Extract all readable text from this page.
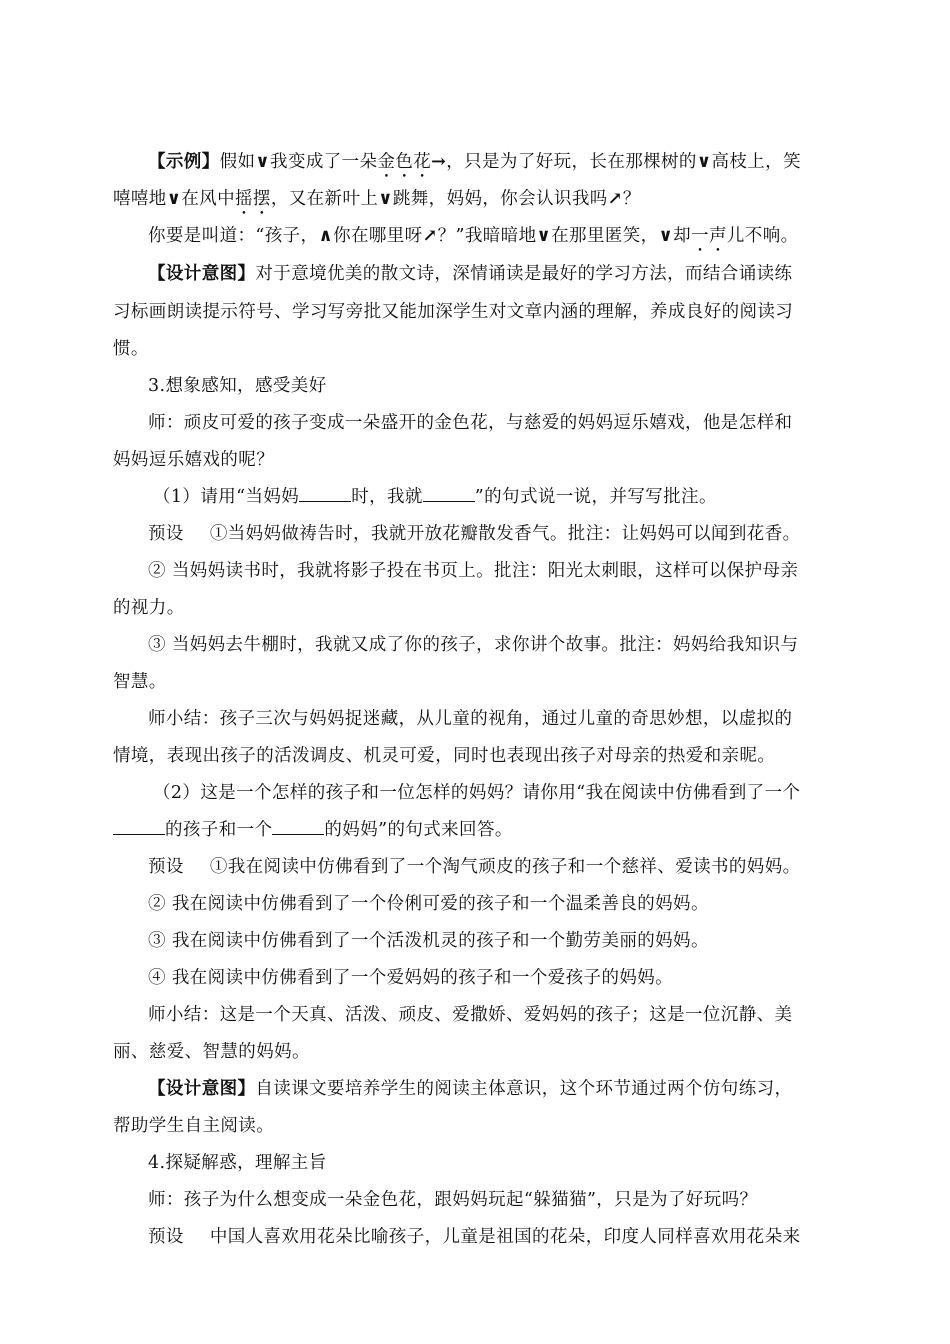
【示例】假如∨我变成了一朵金色花→，只是为了好玩，长在那棵树的∨高枝上，笑
嘻嘻地∨在风中摇摆，又在新叶上∨跳舞，妈妈，你会认识我吗↗？
你要是叫道：“孩子，∧你在哪里呀↗？”我暗暗地∨在那里匿笑，∨却一声儿不响。
【设计意图】对于意境优美的散文诗，深情诵读是最好的学习方法，而结合诵读练
习标画朗读提示符号、学习写旁批又能加深学生对文章内涵的理解，养成良好的阅读习
惯。
3.想象感知，感受美好
师：顽皮可爱的孩子变成一朵盛开的金色花，与慈爱的妈妈逗乐嬉戏，他是怎样和
妈妈逗乐嬉戏的呢？
（1）请用“当妈妈	时，我就	”的句式说一说，并写写批注。
预设 ①当妈妈做祷告时，我就开放花瓣散发香气。批注：让妈妈可以闻到花香。
② 当妈妈读书时，我就将影子投在书页上。批注：阳光太刺眼，这样可以保护母亲
的视力。
③ 当妈妈去牛棚时，我就又成了你的孩子，求你讲个故事。批注：妈妈给我知识与
智慧。
师小结：孩子三次与妈妈捉迷藏，从儿童的视角，通过儿童的奇思妙想，以虚拟的
情境，表现出孩子的活泼调皮、机灵可爱，同时也表现出孩子对母亲的热爱和亲昵。
（2）这是一个怎样的孩子和一位怎样的妈妈？请你用“我在阅读中仿佛看到了一个
的孩子和一个	的妈妈”的句式来回答。
预设 ①我在阅读中仿佛看到了一个淘气顽皮的孩子和一个慈祥、爱读书的妈妈。
② 我在阅读中仿佛看到了一个伶俐可爱的孩子和一个温柔善良的妈妈。
③ 我在阅读中仿佛看到了一个活泼机灵的孩子和一个勤劳美丽的妈妈。
④ 我在阅读中仿佛看到了一个爱妈妈的孩子和一个爱孩子的妈妈。
师小结：这是一个天真、活泼、顽皮、爱撒娇、爱妈妈的孩子；这是一位沉静、美
丽、慈爱、智慧的妈妈。
【设计意图】自读课文要培养学生的阅读主体意识，这个环节通过两个仿句练习，
帮助学生自主阅读。
4.探疑解惑，理解主旨
师：孩子为什么想变成一朵金色花，跟妈妈玩起“躲猫猫”，只是为了好玩吗？
预设 中国人喜欢用花朵比喻孩子，儿童是祖国的花朵，印度人同样喜欢用花朵来
